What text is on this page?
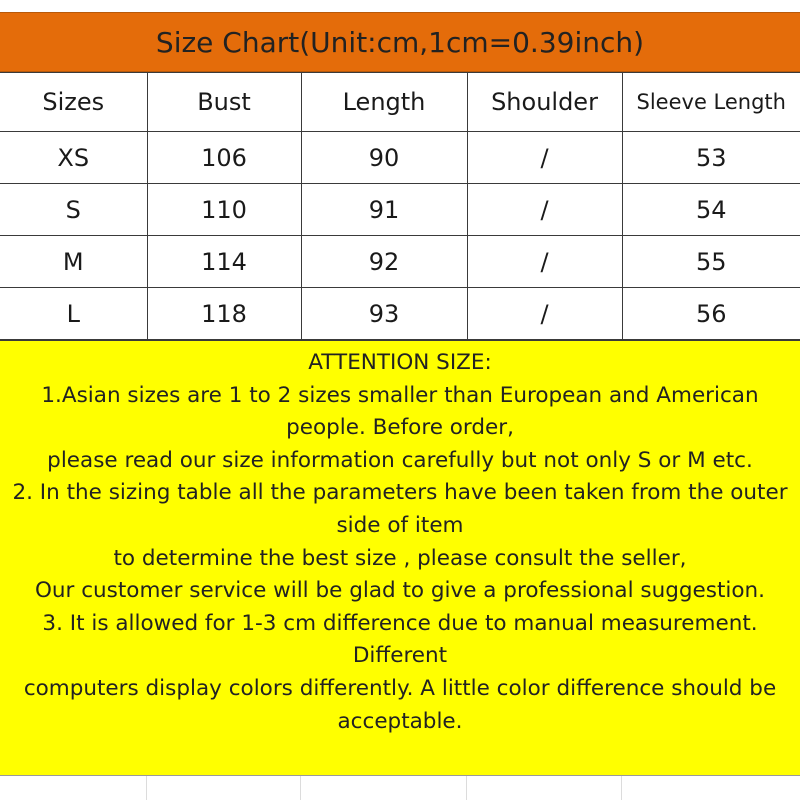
Size Chart(Unit:cm,1cm=0.39inch)
Sizes	Bust	Length	Shoulder	Sleeve Length
XS	106	90	/	53
S	110	91	/	54
M	114	92	/	55
L	118	93	/	56

ATTENTION SIZE:

1.Asian sizes are 1 to 2 sizes smaller than European and American people. Before order,

please read our size information carefully but not only S or M etc.

2. In the sizing table all the parameters have been taken from the outer side of item

to determine the best size , please consult the seller,

Our customer service will be glad to give a professional suggestion.

3. It is allowed for 1-3 cm difference due to manual measurement. Different

computers display colors differently. A little color difference should be acceptable.
